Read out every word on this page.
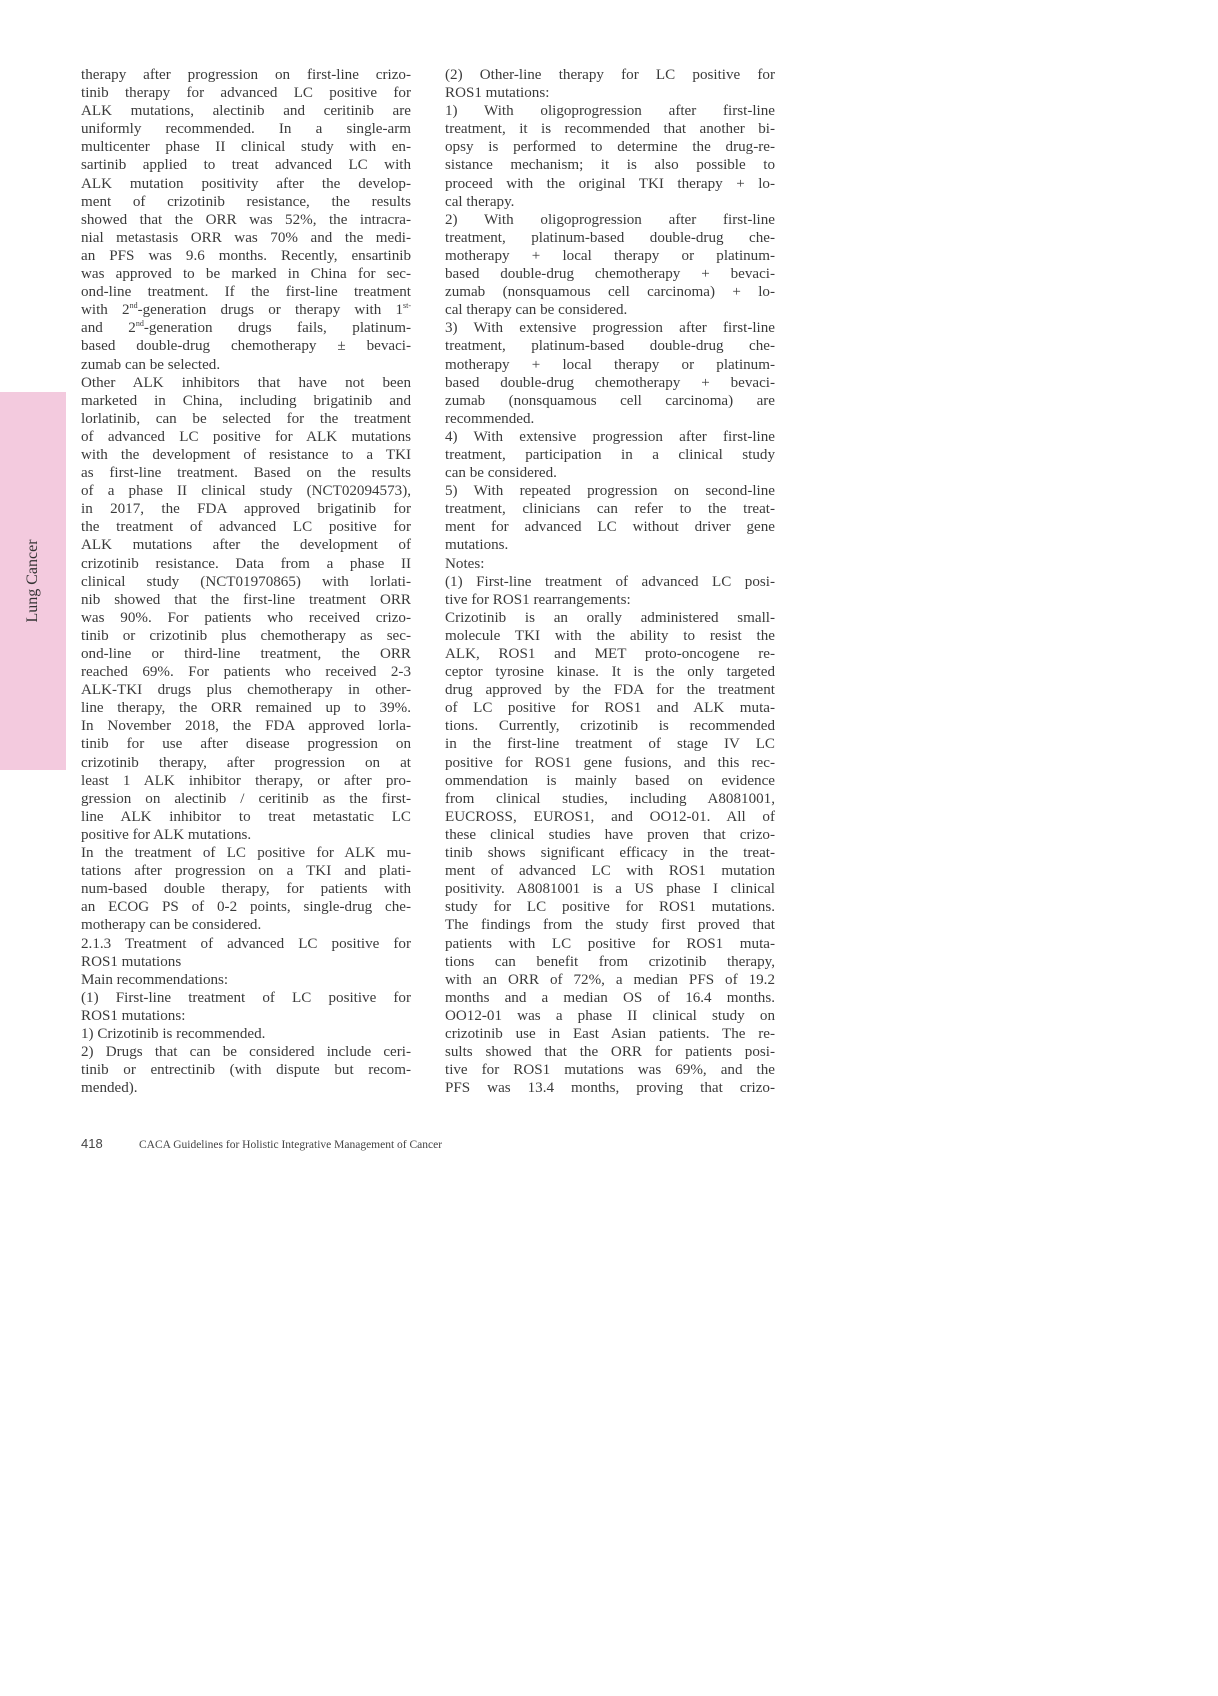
Lung Cancer
therapy after progression on first-line crizo-
tinib therapy for advanced LC positive for
ALK mutations, alectinib and ceritinib are
uniformly recommended. In a single-arm
multicenter phase II clinical study with en-
sartinib applied to treat advanced LC with
ALK mutation positivity after the develop-
ment of crizotinib resistance, the results
showed that the ORR was 52%, the intracra-
nial metastasis ORR was 70% and the medi-
an PFS was 9.6 months. Recently, ensartinib
was approved to be marked in China for sec-
ond-line treatment. If the first-line treatment
with 2nd-generation drugs or therapy with $1^{st-}$
and 2nd-generation drugs fails, platinum-
based double-drug chemotherapy ± bevaci-
zumab can be selected.
Other ALK inhibitors that have not been
marketed in China, including brigatinib and
lorlatinib, can be selected for the treatment
of advanced LC positive for ALK mutations
with the development of resistance to a TKI
as first-line treatment. Based on the results
of a phase II clinical study (NCT02094573),
in 2017, the FDA approved brigatinib for
the treatment of advanced LC positive for
ALK mutations after the development of
crizotinib resistance. Data from a phase II
clinical study (NCT01970865) with lorlati-
nib showed that the first-line treatment ORR
was 90%. For patients who received crizo-
tinib or crizotinib plus chemotherapy as sec-
ond-line or third-line treatment, the ORR
reached 69%. For patients who received 2-3
ALK-TKI drugs plus chemotherapy in other-
line therapy, the ORR remained up to 39%.
In November 2018, the FDA approved lorla-
tinib for use after disease progression on
crizotinib therapy, after progression on at
least 1 ALK inhibitor therapy, or after pro-
gression on alectinib / ceritinib as the first-
line ALK inhibitor to treat metastatic LC
positive for ALK mutations.
In the treatment of LC positive for ALK mu-
tations after progression on a TKI and plati-
num-based double therapy, for patients with
an ECOG PS of 0-2 points, single-drug che-
motherapy can be considered.
2.1.3 Treatment of advanced LC positive for
ROS1 mutations
Main recommendations:
(1) First-line treatment of LC positive for
ROS1 mutations:
1) Crizotinib is recommended.
2) Drugs that can be considered include ceri-
tinib or entrectinib (with dispute but recom-
mended).
(2) Other-line therapy for LC positive for
ROS1 mutations:
1) With oligoprogression after first-line
treatment, it is recommended that another bi-
opsy is performed to determine the drug-re-
sistance mechanism; it is also possible to
proceed with the original TKI therapy + lo-
cal therapy.
2) With oligoprogression after first-line
treatment, platinum-based double-drug che-
motherapy + local therapy or platinum-
based double-drug chemotherapy + bevaci-
zumab (nonsquamous cell carcinoma) + lo-
cal therapy can be considered.
3) With extensive progression after first-line
treatment, platinum-based double-drug che-
motherapy + local therapy or platinum-
based double-drug chemotherapy + bevaci-
zumab (nonsquamous cell carcinoma) are
recommended.
4) With extensive progression after first-line
treatment, participation in a clinical study
can be considered.
5) With repeated progression on second-line
treatment, clinicians can refer to the treat-
ment for advanced LC without driver gene
mutations.
Notes:
(1) First-line treatment of advanced LC posi-
tive for ROS1 rearrangements:
Crizotinib is an orally administered small-
molecule TKI with the ability to resist the
ALK, ROS1 and MET proto-oncogene re-
ceptor tyrosine kinase. It is the only targeted
drug approved by the FDA for the treatment
of LC positive for ROS1 and ALK muta-
tions. Currently, crizotinib is recommended
in the first-line treatment of stage IV LC
positive for ROS1 gene fusions, and this rec-
ommendation is mainly based on evidence
from clinical studies, including A8081001,
EUCROSS, EUROS1, and OO12-01. All of
these clinical studies have proven that crizo-
tinib shows significant efficacy in the treat-
ment of advanced LC with ROS1 mutation
positivity. A8081001 is a US phase I clinical
study for LC positive for ROS1 mutations.
The findings from the study first proved that
patients with LC positive for ROS1 muta-
tions can benefit from crizotinib therapy,
with an ORR of 72%, a median PFS of 19.2
months and a median OS of 16.4 months.
OO12-01 was a phase II clinical study on
crizotinib use in East Asian patients. The re-
sults showed that the ORR for patients posi-
tive for ROS1 mutations was 69%, and the
PFS was 13.4 months, proving that crizo-
418	CACA Guidelines for Holistic Integrative Management of Cancer
